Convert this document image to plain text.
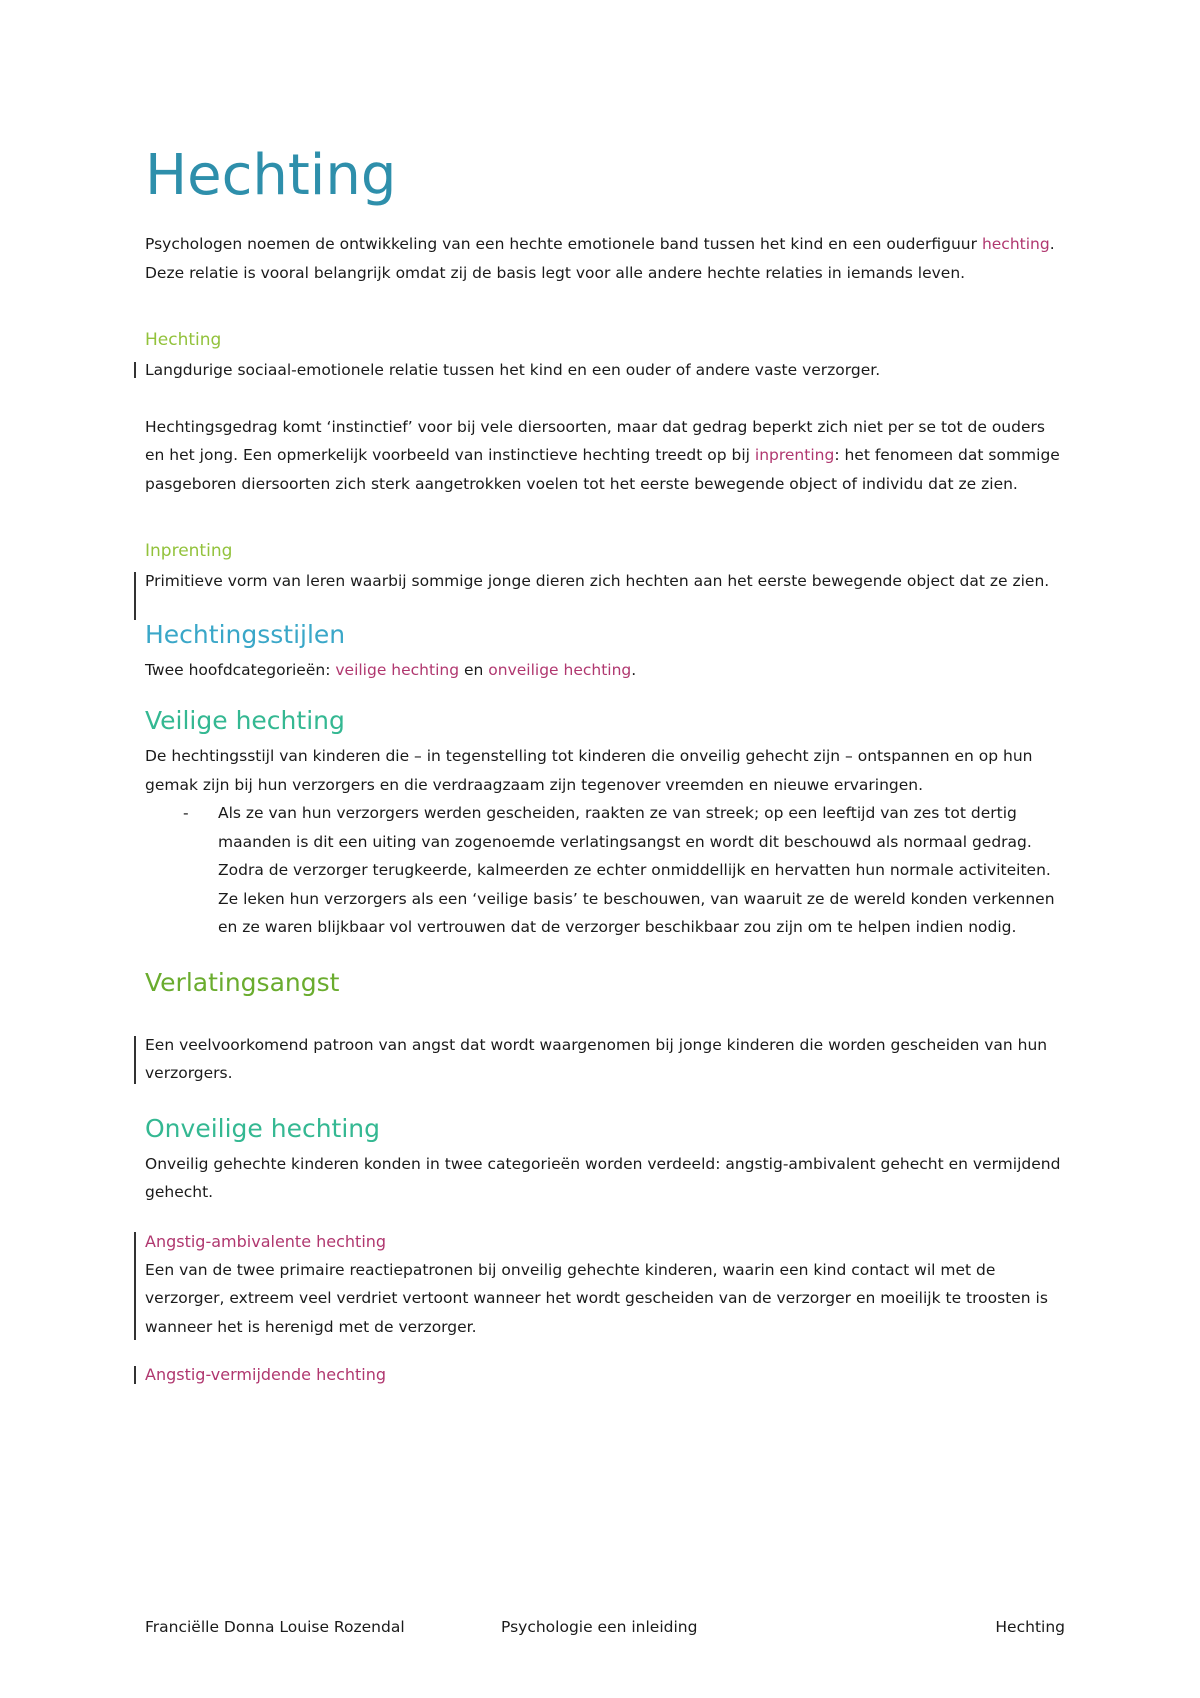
Hechting

Psychologen noemen de ontwikkeling van een hechte emotionele band tussen het kind en een ouderfiguur hechting. Deze relatie is vooral belangrijk omdat zij de basis legt voor alle andere hechte relaties in iemands leven.

Hechting

Langdurige sociaal-emotionele relatie tussen het kind en een ouder of andere vaste verzorger.

Hechtingsgedrag komt ‘instinctief’ voor bij vele diersoorten, maar dat gedrag beperkt zich niet per se tot de ouders en het jong. Een opmerkelijk voorbeeld van instinctieve hechting treedt op bij inprenting: het fenomeen dat sommige pasgeboren diersoorten zich sterk aangetrokken voelen tot het eerste bewegende object of individu dat ze zien.

Inprenting

Primitieve vorm van leren waarbij sommige jonge dieren zich hechten aan het eerste bewegende object dat ze zien.

Hechtingsstijlen

Twee hoofdcategorieën: veilige hechting en onveilige hechting.

Veilige hechting

De hechtingsstijl van kinderen die – in tegenstelling tot kinderen die onveilig gehecht zijn – ontspannen en op hun gemak zijn bij hun verzorgers en die verdraagzaam zijn tegenover vreemden en nieuwe ervaringen.

- Als ze van hun verzorgers werden gescheiden, raakten ze van streek; op een leeftijd van zes tot dertig maanden is dit een uiting van zogenoemde verlatingsangst en wordt dit beschouwd als normaal gedrag. Zodra de verzorger terugkeerde, kalmeerden ze echter onmiddellijk en hervatten hun normale activiteiten. Ze leken hun verzorgers als een ‘veilige basis’ te beschouwen, van waaruit ze de wereld konden verkennen en ze waren blijkbaar vol vertrouwen dat de verzorger beschikbaar zou zijn om te helpen indien nodig.
Verlatingsangst

Een veelvoorkomend patroon van angst dat wordt waargenomen bij jonge kinderen die worden gescheiden van hun verzorgers.

Onveilige hechting

Onveilig gehechte kinderen konden in twee categorieën worden verdeeld: angstig-ambivalent gehecht en vermijdend gehecht.

Angstig-ambivalente hechting

Een van de twee primaire reactiepatronen bij onveilig gehechte kinderen, waarin een kind contact wil met de verzorger, extreem veel verdriet vertoont wanneer het wordt gescheiden van de verzorger en moeilijk te troosten is wanneer het is herenigd met de verzorger.

Angstig-vermijdende hechting
Franciëlle Donna Louise Rozendal	Psychologie een inleiding	Hechting
